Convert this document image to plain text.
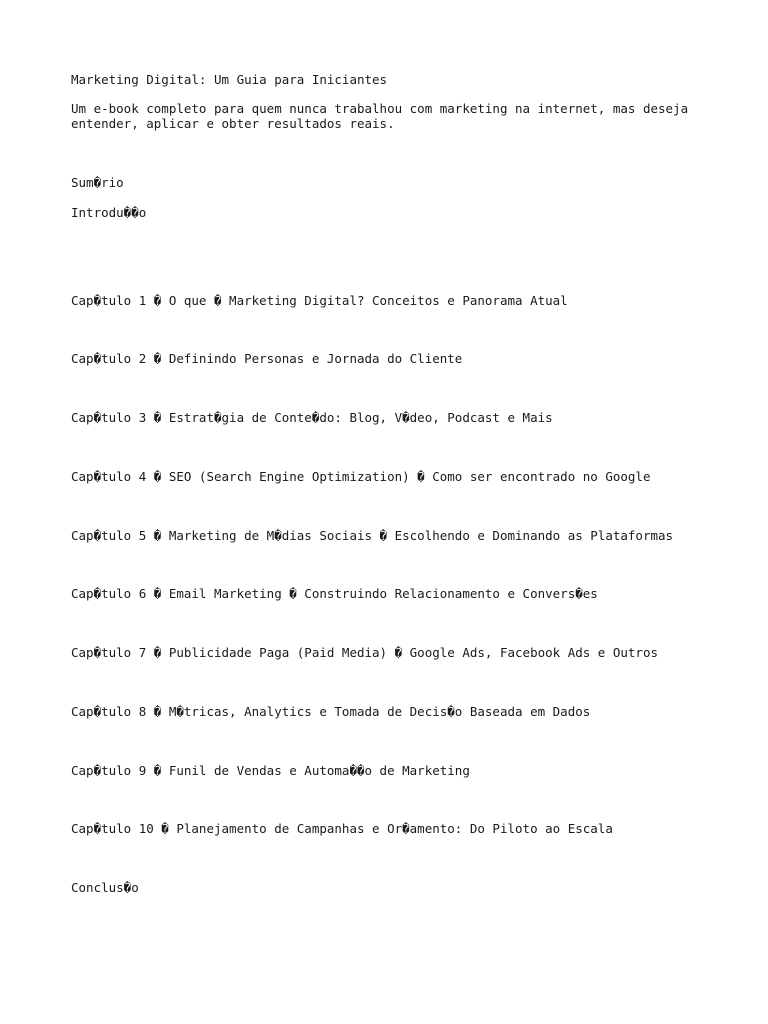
Marketing Digital: Um Guia para Iniciantes
Um e-book completo para quem nunca trabalhou com marketing na internet, mas deseja
entender, aplicar e obter resultados reais.
Sum�rio
Introdu��o
Cap�tulo 1 � O que � Marketing Digital? Conceitos e Panorama Atual
Cap�tulo 2 � Definindo Personas e Jornada do Cliente
Cap�tulo 3 � Estrat�gia de Conte�do: Blog, V�deo, Podcast e Mais
Cap�tulo 4 � SEO (Search Engine Optimization) � Como ser encontrado no Google
Cap�tulo 5 � Marketing de M�dias Sociais � Escolhendo e Dominando as Plataformas
Cap�tulo 6 � Email Marketing � Construindo Relacionamento e Convers�es
Cap�tulo 7 � Publicidade Paga (Paid Media) � Google Ads, Facebook Ads e Outros
Cap�tulo 8 � M�tricas, Analytics e Tomada de Decis�o Baseada em Dados
Cap�tulo 9 � Funil de Vendas e Automa��o de Marketing
Cap�tulo 10 � Planejamento de Campanhas e Or�amento: Do Piloto ao Escala
Conclus�o
